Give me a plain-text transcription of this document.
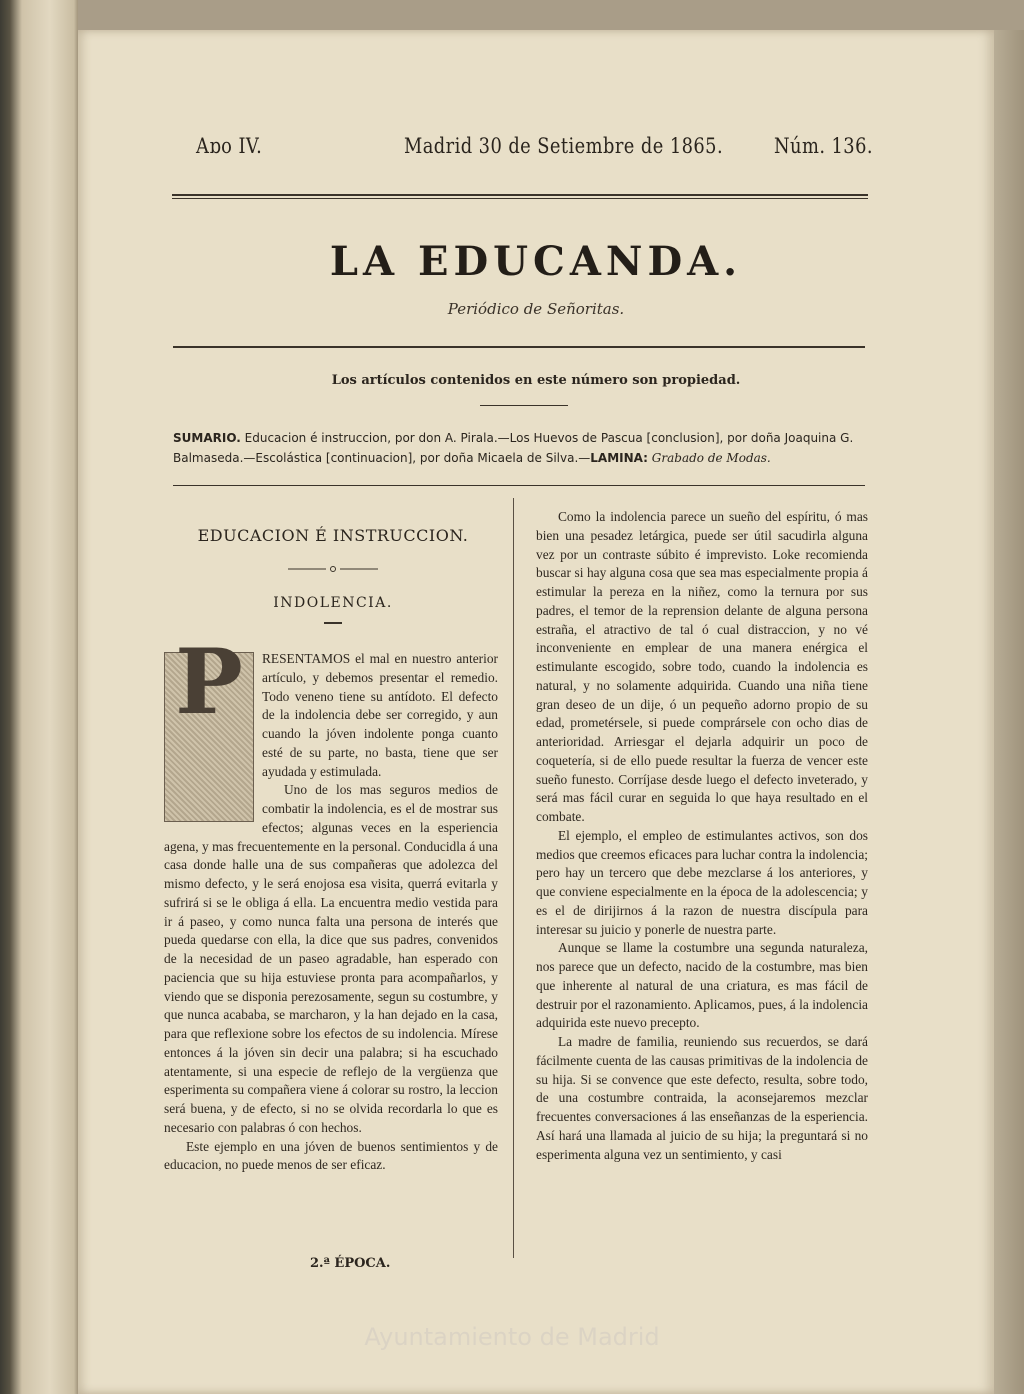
Aɒo IV.	Madrid 30 de Setiembre de 1865. Núm. 136.
LA EDUCANDA.
Periódico de Señoritas.
Los artículos contenidos en este número son propiedad.
SUMARIO. Educacion é instruccion, por don A. Pirala.—Los Huevos de Pascua [conclusion], por doña Joaquina G. Balmaseda.—Escolástica [continuacion], por doña Micaela de Silva.—LAMINA: Grabado de Modas.
EDUCACION É INSTRUCCION.
INDOLENCIA.
P	RESENTAMOS el mal en nuestro anterior artículo, y debemos presentar el remedio. Todo veneno tiene su antídoto. El defecto de la indolencia debe ser corregido, y aun cuando la jóven indolente ponga cuanto esté de su parte, no basta, tiene que ser ayudada y estimulada.

Uno de los mas seguros medios de combatir la indolencia, es el de mostrar sus efectos; algunas veces en la esperiencia agena, y mas frecuentemente en la personal. Conducidla á una casa donde halle una de sus compañeras que adolezca del mismo defecto, y le será enojosa esa visita, querrá evitarla y sufrirá si se le obliga á ella. La encuentra medio vestida para ir á paseo, y como nunca falta una persona de interés que pueda quedarse con ella, la dice que sus padres, convenidos de la necesidad de un paseo agradable, han esperado con paciencia que su hija estuviese pronta para acompañarlos, y viendo que se disponia perezosamente, segun su costumbre, y que nunca acababa, se marcharon, y la han dejado en la casa, para que reflexione sobre los efectos de su indolencia. Mírese entonces á la jóven sin decir una palabra; si ha escuchado atentamente, si una especie de reflejo de la vergüenza que esperimenta su compañera viene á colorar su rostro, la leccion será buena, y de efecto, si no se olvida recordarla lo que es necesario con palabras ó con hechos.

Este ejemplo en una jóven de buenos sentimientos y de educacion, no puede menos de ser eficaz.

2.ª ÉPOCA.

Como la indolencia parece un sueño del espíritu, ó mas bien una pesadez letárgica, puede ser útil sacudirla alguna vez por un contraste súbito é imprevisto. Loke recomienda buscar si hay alguna cosa que sea mas especialmente propia á estimular la pereza en la niñez, como la ternura por sus padres, el temor de la reprension delante de alguna persona estraña, el atractivo de tal ó cual distraccion, y no vé inconveniente en emplear de una manera enérgica el estimulante escogido, sobre todo, cuando la indolencia es natural, y no solamente adquirida. Cuando una niña tiene gran deseo de un dije, ó un pequeño adorno propio de su edad, prometérsele, si puede comprársele con ocho dias de anterioridad. Arriesgar el dejarla adquirir un poco de coquetería, si de ello puede resultar la fuerza de vencer este sueño funesto. Corríjase desde luego el defecto inveterado, y será mas fácil curar en seguida lo que haya resultado en el combate.

El ejemplo, el empleo de estimulantes activos, son dos medios que creemos eficaces para luchar contra la indolencia; pero hay un tercero que debe mezclarse á los anteriores, y que conviene especialmente en la época de la adolescencia; y es el de dirijirnos á la razon de nuestra discípula para interesar su juicio y ponerle de nuestra parte.

Aunque se llame la costumbre una segunda naturaleza, nos parece que un defecto, nacido de la costumbre, mas bien que inherente al natural de una criatura, es mas fácil de destruir por el razonamiento. Aplicamos, pues, á la indolencia adquirida este nuevo precepto.

La madre de familia, reuniendo sus recuerdos, se dará fácilmente cuenta de las causas primitivas de la indolencia de su hija. Si se convence que este defecto, resulta, sobre todo, de una costumbre contraida, la aconsejaremos mezclar frecuentes conversaciones á las enseñanzas de la esperiencia. Así hará una llamada al juicio de su hija; la preguntará si no esperimenta alguna vez un sentimiento, y casi

Ayuntamiento de Madrid
